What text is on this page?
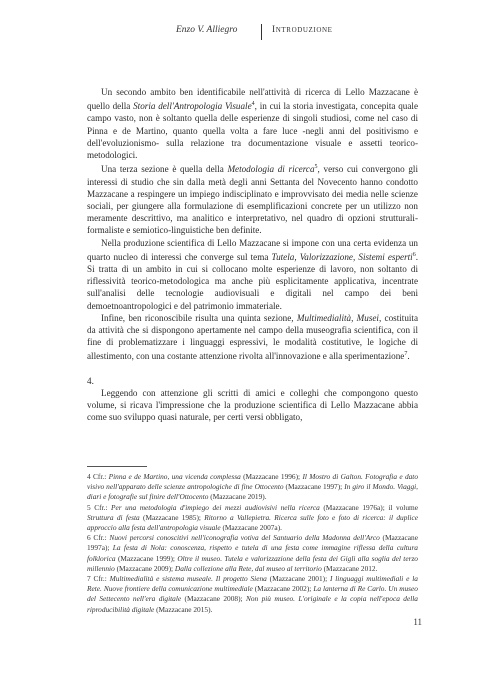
Enzo V. Alliegro	Introduzione

Un secondo ambito ben identificabile nell'attività di ricerca di Lello Mazzacane è quello della Storia dell'Antropologia Visuale$^4$, in cui la storia investigata, concepita quale campo vasto, non è soltanto quella delle esperienze di singoli studiosi, come nel caso di Pinna e de Martino, quanto quella volta a fare luce -negli anni del positivismo e dell'evoluzionismo- sulla relazione tra documentazione visuale e assetti teorico-metodologici.

Una terza sezione è quella della Metodologia di ricerca$^5$, verso cui convergono gli interessi di studio che sin dalla metà degli anni Settanta del Novecento hanno condotto Mazzacane a respingere un impiego indisciplinato e improvvisato dei media nelle scienze sociali, per giungere alla formulazione di esemplificazioni concrete per un utilizzo non meramente descrittivo, ma analitico e interpretativo, nel quadro di opzioni strutturali-formaliste e semiotico-linguistiche ben definite.

Nella produzione scientifica di Lello Mazzacane si impone con una certa evidenza un quarto nucleo di interessi che converge sul tema Tutela, Valorizzazione, Sistemi esperti$^6$. Si tratta di un ambito in cui si collocano molte esperienze di lavoro, non soltanto di riflessività teorico-metodologica ma anche più esplicitamente applicativa, incentrate sull'analisi delle tecnologie audiovisuali e digitali nel campo dei beni demoetnoantropologici e del patrimonio immateriale.

Infine, ben riconoscibile risulta una quinta sezione, Multimedialità, Musei, costituita da attività che si dispongono apertamente nel campo della museografia scientifica, con il fine di problematizzare i linguaggi espressivi, le modalità costitutive, le logiche di allestimento, con una costante attenzione rivolta all'innovazione e alla sperimentazione$^7$.

4.

Leggendo con attenzione gli scritti di amici e colleghi che compongono questo volume, si ricava l'impressione che la produzione scientifica di Lello Mazzacane abbia come suo sviluppo quasi naturale, per certi versi obbligato,

4 Cfr.: Pinna e de Martino, una vicenda complessa (Mazzacane 1996); Il Mostro di Galton. Fotografia e dato visivo nell'apparato delle scienze antropologiche di fine Ottocento (Mazzacane 1997); In giro il Mondo. Viaggi, diari e fotografie sul finire dell'Ottocento (Mazzacane 2019).

5 Cfr.: Per una metodologia d'impiego dei mezzi audiovisivi nella ricerca (Mazzacane 1976a); il volume Struttura di festa (Mazzacane 1985); Ritorno a Vallepietra. Ricerca sulle foto e foto di ricerca: il duplice approccio alla festa dell'antropologia visuale (Mazzacane 2007a).

6 Cfr.: Nuovi percorsi conoscitivi nell'iconografia votiva del Santuario della Madonna dell'Arco (Mazzacane 1997a); La festa di Nola: conoscenza, rispetto e tutela di una festa come immagine riflessa della cultura folklorica (Mazzacane 1999); Oltre il museo. Tutela e valorizzazione della festa dei Gigli alla soglia del terzo millennio (Mazzacane 2009); Dalla collezione alla Rete, dal museo al territorio (Mazzacane 2012.

7 Cfr.: Multimedialità e sistema museale. Il progetto Siena (Mazzacane 2001); I linguaggi multimediali e la Rete. Nuove frontiere della comunicazione multimediale (Mazzacane 2002); La lanterna di Re Carlo. Un museo del Settecento nell'era digitale (Mazzacane 2008); Non più museo. L'originale e la copia nell'epoca della riproducibilità digitale (Mazzacane 2015).

11
